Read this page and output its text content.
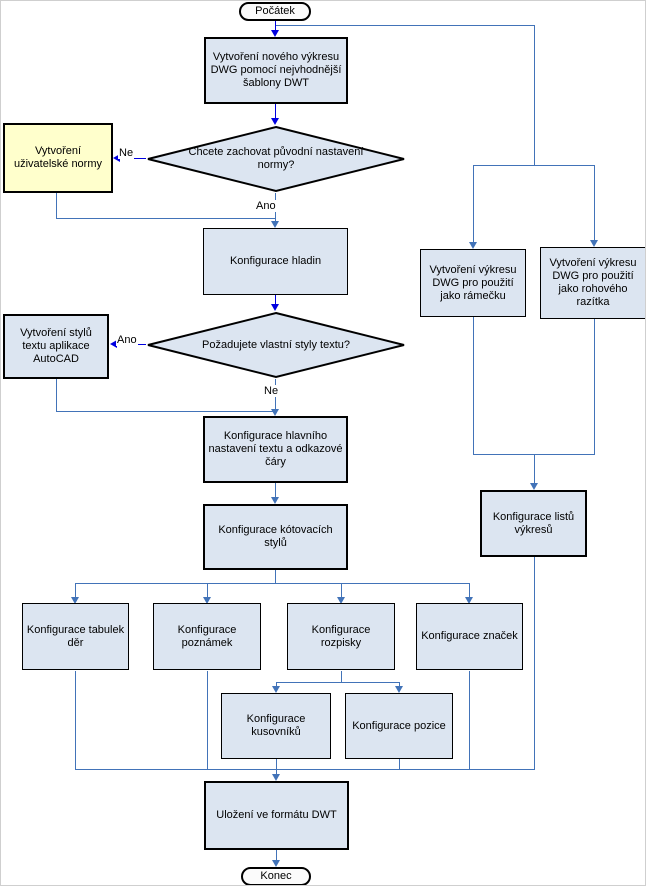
Ne
Ano
Ano
Ne
Počátek
Vytvoření nového výkresu DWG pomocí nejvhodnější šablony DWT
Chcete zachovat původní nastavení normy?
Vytvoření uživatelské normy
Konfigurace hladin
Požadujete vlastní styly textu?
Vytvoření stylů textu aplikace AutoCAD
Konfigurace hlavního nastavení textu a odkazové čáry
Konfigurace kótovacích stylů
Konfigurace tabulek děr
Konfigurace poznámek
Konfigurace rozpisky
Konfigurace značek
Konfigurace kusovníků
Konfigurace pozice
Uložení ve formátu DWT
Konec
Vytvoření výkresu DWG pro použití jako rámečku
Vytvoření výkresu DWG pro použití jako rohového razítka
Konfigurace listů výkresů
